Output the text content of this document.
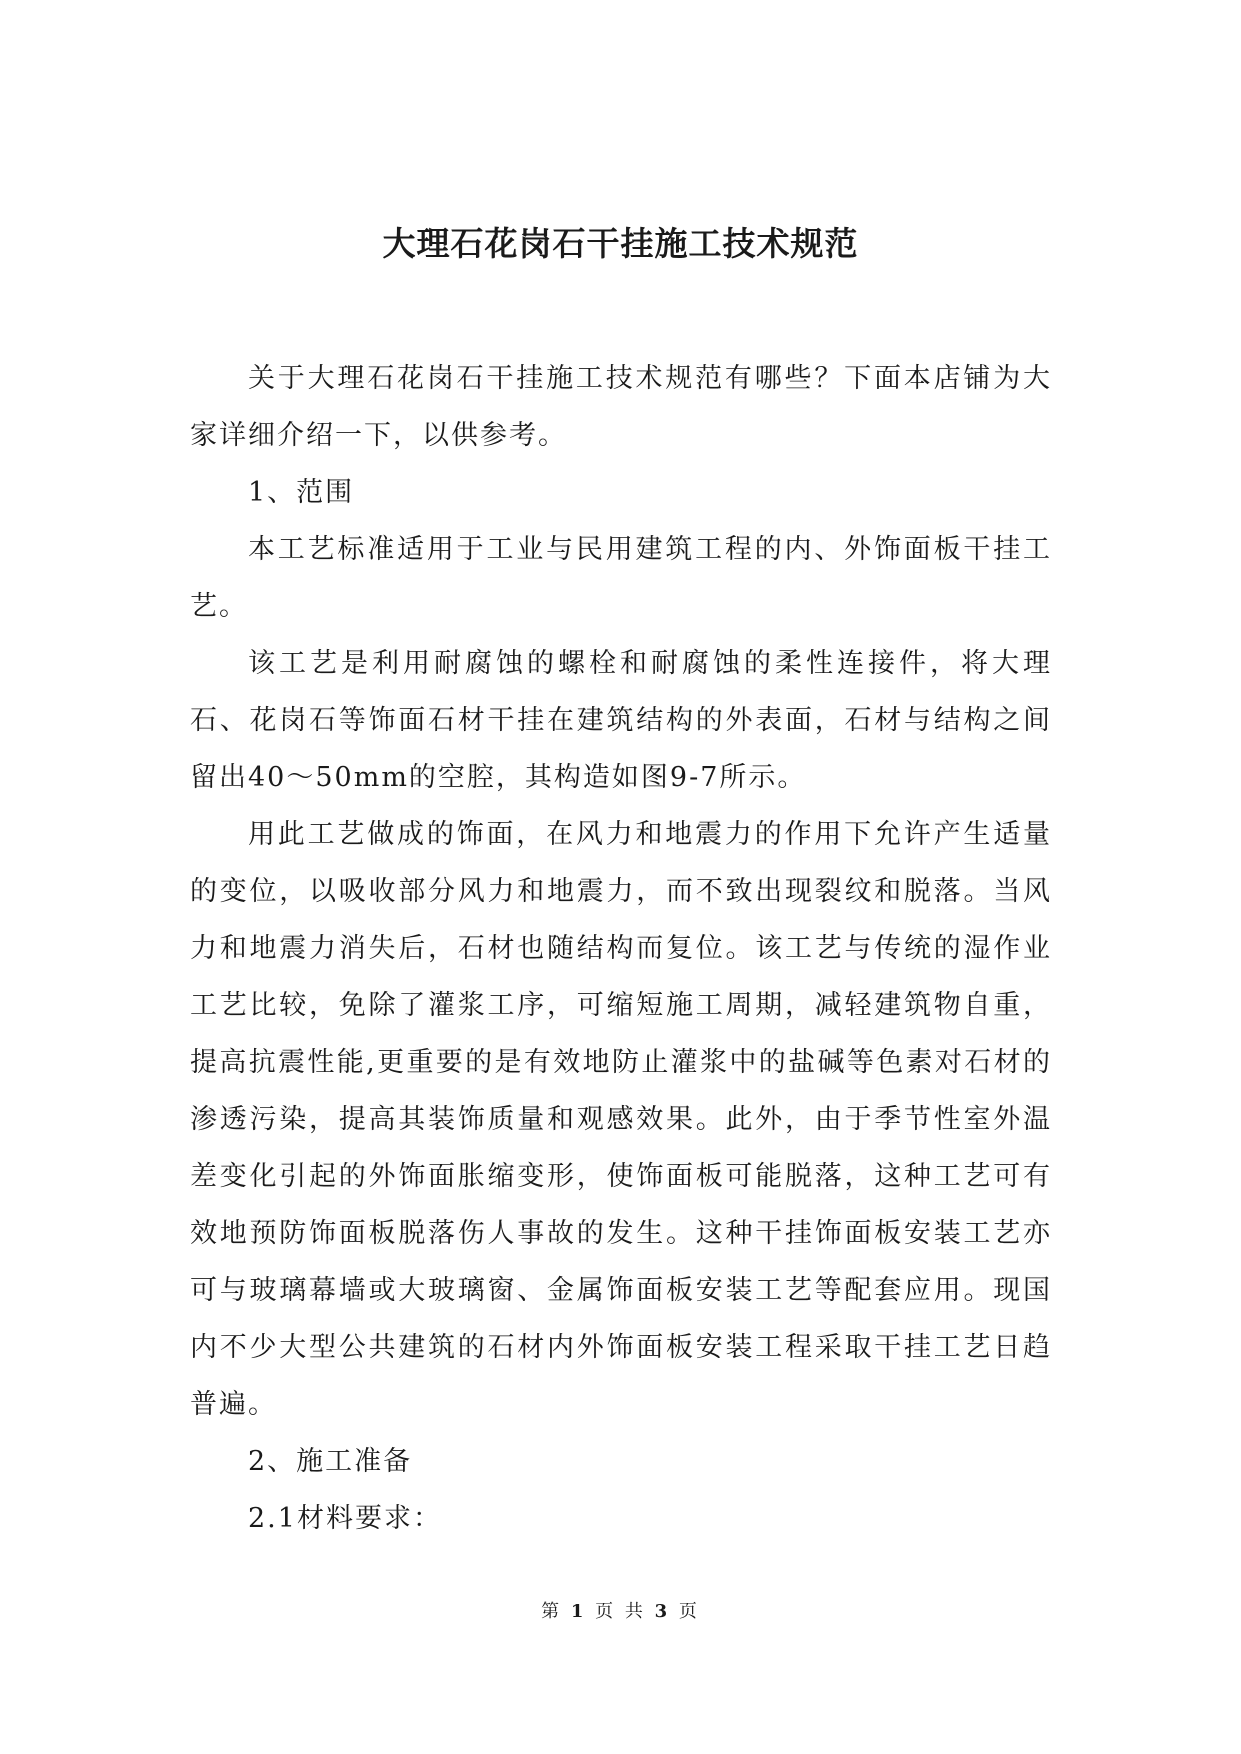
大理石花岗石干挂施工技术规范

关于大理石花岗石干挂施工技术规范有哪些？下面本店铺为大家详细介绍一下，以供参考。

1、范围

本工艺标准适用于工业与民用建筑工程的内、外饰面板干挂工艺。

该工艺是利用耐腐蚀的螺栓和耐腐蚀的柔性连接件，将大理石、花岗石等饰面石材干挂在建筑结构的外表面，石材与结构之间留出40～50mm的空腔，其构造如图9-7所示。

用此工艺做成的饰面，在风力和地震力的作用下允许产生适量的变位，以吸收部分风力和地震力，而不致出现裂纹和脱落。当风力和地震力消失后，石材也随结构而复位。该工艺与传统的湿作业工艺比较，免除了灌浆工序，可缩短施工周期，减轻建筑物自重，提高抗震性能,更重要的是有效地防止灌浆中的盐碱等色素对石材的渗透污染，提高其装饰质量和观感效果。此外，由于季节性室外温差变化引起的外饰面胀缩变形，使饰面板可能脱落，这种工艺可有效地预防饰面板脱落伤人事故的发生。这种干挂饰面板安装工艺亦可与玻璃幕墙或大玻璃窗、金属饰面板安装工艺等配套应用。现国内不少大型公共建筑的石材内外饰面板安装工程采取干挂工艺日趋普遍。

2、施工准备

2.1材料要求：

第 1 页 共 3 页
